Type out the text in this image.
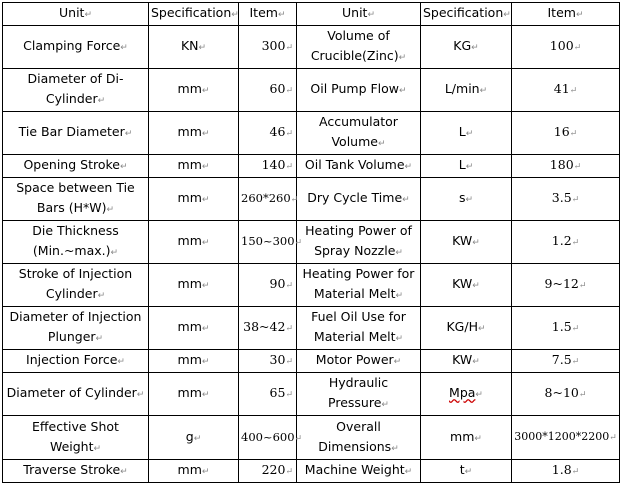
Unit↵	Specification↵	Item↵	Unit↵	Specification↵	Item↵
Clamping Force↵	KN↵	300↵	Volume of Crucible(Zinc)↵	KG↵	100↵
Diameter of Di-Cylinder↵	mm↵	60↵	Oil Pump Flow↵	L/min↵	41↵
Tie Bar Diameter↵	mm↵	46↵	Accumulator Volume↵	L↵	16↵
Opening Stroke↵	mm↵	140↵	Oil Tank Volume↵	L↵	180↵
Space between Tie Bars (H*W)↵	mm↵	260*260↵	Dry Cycle Time↵	s↵	3.5↵
Die Thickness (Min.~max.)↵	mm↵	150~300↵	Heating Power of Spray Nozzle↵	KW↵	1.2↵
Stroke of Injection Cylinder↵	mm↵	90↵	Heating Power for Material Melt↵	KW↵	9~12↵
Diameter of Injection Plunger↵	mm↵	38~42↵	Fuel Oil Use for Material Melt↵	KG/H↵	1.5↵
Injection Force↵	mm↵	30↵	Motor Power↵	KW↵	7.5↵
Diameter of Cylinder↵	mm↵	65↵	Hydraulic Pressure↵	Mpa↵	8~10↵
Effective Shot Weight↵	g↵	400~600↵	Overall Dimensions↵	mm↵	3000*1200*2200↵
Traverse Stroke↵	mm↵	220↵	Machine Weight↵	t↵	1.8↵
